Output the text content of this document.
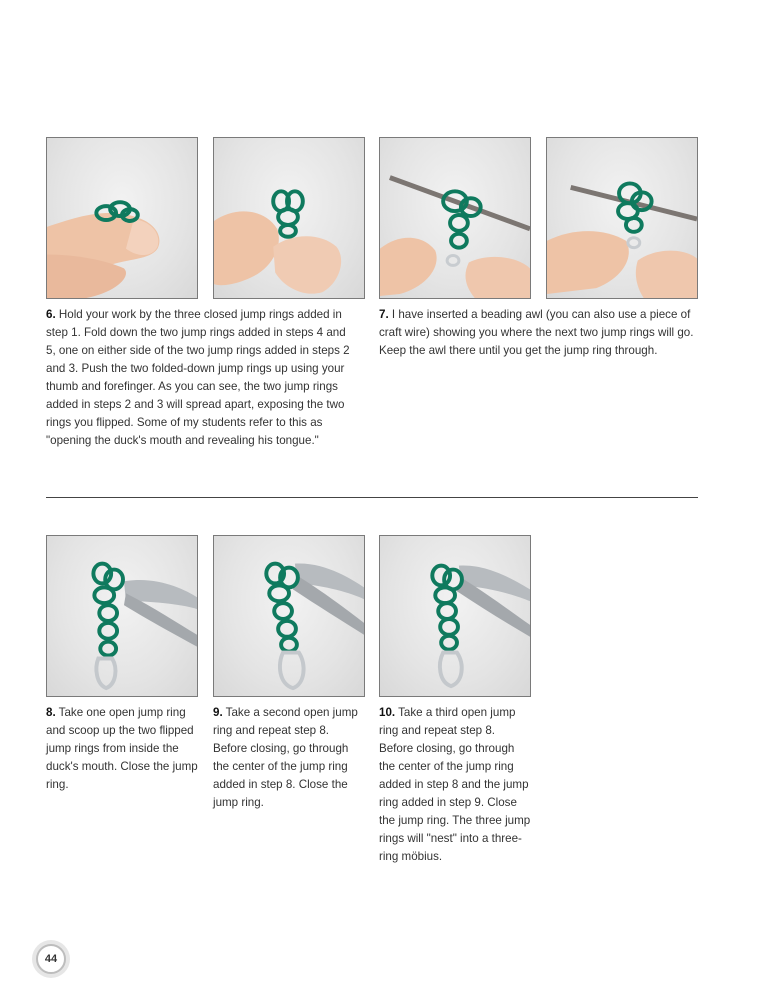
6. Hold your work by the three closed jump rings added in step 1. Fold down the two jump rings added in steps 4 and 5, one on either side of the two jump rings added in steps 2 and 3. Push the two folded-down jump rings up using your thumb and forefinger. As you can see, the two jump rings added in steps 2 and 3 will spread apart, exposing the two rings you flipped. Some of my students refer to this as "opening the duck's mouth and revealing his tongue."

7. I have inserted a beading awl (you can also use a piece of craft wire) showing you where the next two jump rings will go. Keep the awl there until you get the jump ring through.

8. Take one open jump ring and scoop up the two flipped jump rings from inside the duck's mouth. Close the jump ring.

9. Take a second open jump ring and repeat step 8. Before closing, go through the center of the jump ring added in step 8. Close the jump ring.

10. Take a third open jump ring and repeat step 8. Before closing, go through the center of the jump ring added in step 8 and the jump ring added in step 9. Close the jump ring. The three jump rings will "nest" into a three-ring möbius.

44
